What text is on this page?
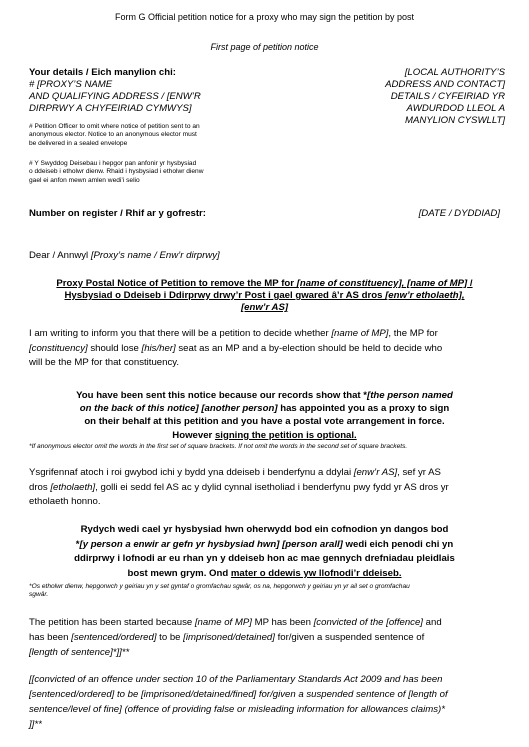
Form G Official petition notice for a proxy who may sign the petition by post
First page of petition notice
Your details / Eich manylion chi:
# [PROXY’S NAME
AND QUALIFYING ADDRESS / [ENW’R
DIRPRWY A CHYFEIRIAD CYMWYS]
# Petition Officer to omit where notice of petition sent to an
anonymous elector. Notice to an anonymous elector must
be delivered in a sealed envelope
# Y Swyddog Deisebau i hepgor pan anfonir yr hysbysiad
o ddeiseb i etholwr dienw. Rhaid i hysbysiad i etholwr dienw
gael ei anfon mewn amlen wedi’i selio
[LOCAL AUTHORITY’S
ADDRESS AND CONTACT]
DETAILS / CYFEIRIAD YR
AWDURDOD LLEOL A
MANYLION CYSWLLT]
Number on register / Rhif ar y gofrestr:	[DATE / DYDDIAD]
Dear / Annwyl [Proxy’s name / Enw’r dirprwy]
Proxy Postal Notice of Petition to remove the MP for [name of constituency], [name of MP] /
Hysbysiad o Ddeiseb i Ddirprwy drwy’r Post i gael gwared â’r AS dros [enw’r etholaeth],
[enw’r AS]
I am writing to inform you that there will be a petition to decide whether [name of MP], the MP for
[constituency] should lose [his/her] seat as an MP and a by-election should be held to decide who
will be the MP for that constituency.
You have been sent this notice because our records show that *[the person named
on the back of this notice] [another person] has appointed you as a proxy to sign
on their behalf at this petition and you have a postal vote arrangement in force.
However signing the petition is optional.
*If anonymous elector omit the words in the first set of square brackets. If not omit the words in the second set of square brackets.
Ysgrifennaf atoch i roi gwybod ichi y bydd yna ddeiseb i benderfynu a ddylai [enw’r AS], sef yr AS
dros [etholaeth], golli ei sedd fel AS ac y dylid cynnal isetholiad i benderfynu pwy fydd yr AS dros yr
etholaeth honno.
Rydych wedi cael yr hysbysiad hwn oherwydd bod ein cofnodion yn dangos bod
*[y person a enwir ar gefn yr hysbysiad hwn] [person arall] wedi eich penodi chi yn
ddirprwy i lofnodi ar eu rhan yn y ddeiseb hon ac mae gennych drefniadau pleidlais
bost mewn grym. Ond mater o ddewis yw llofnodi’r ddeiseb.
*Os etholwr dienw, hepgorwch y geiriau yn y set gyntaf o gromfachau sgwâr, os na, hepgorwch y geiriau yn yr ail set o gromfachau
sgwâr.
The petition has been started because [name of MP] MP has been [convicted of the [offence] and
has been [sentenced/ordered] to be [imprisoned/detained] for/given a suspended sentence of
[length of sentence]*]]**
[[convicted of an offence under section 10 of the Parliamentary Standards Act 2009 and has been
[sentenced/ordered] to be [imprisoned/detained/fined] for/given a suspended sentence of [length of
sentence/level of fine] (offence of providing false or misleading information for allowances claims)*
]]**
